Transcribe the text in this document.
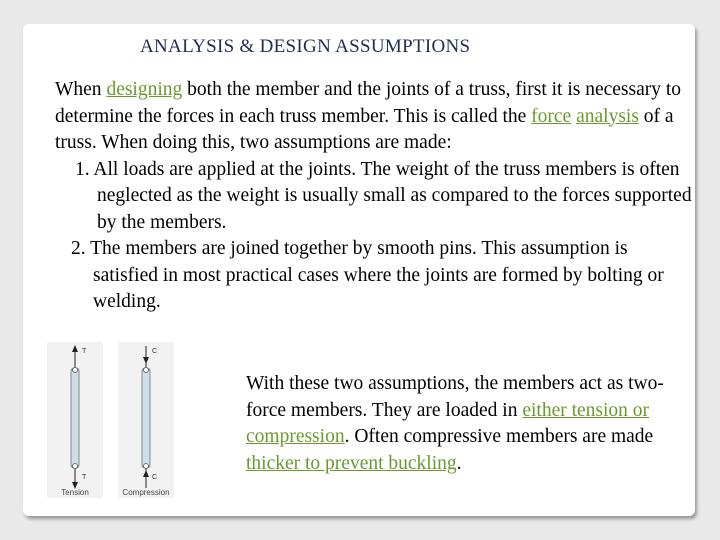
ANALYSIS & DESIGN ASSUMPTIONS

When designing both the member and the joints of a truss, first it is necessary to determine the forces in each truss member. This is called the force analysis of a truss. When doing this, two assumptions are made:

1. All loads are applied at the joints. The weight of the truss members is often neglected as the weight is usually small as compared to the forces supported by the members.

2. The members are joined together by smooth pins. This assumption is satisfied in most practical cases where the joints are formed by bolting or welding.

T
T
Tension
C
C
Compression

With these two assumptions, the members act as two-force members. They are loaded in either tension or compression. Often compressive members are made thicker to prevent buckling.
